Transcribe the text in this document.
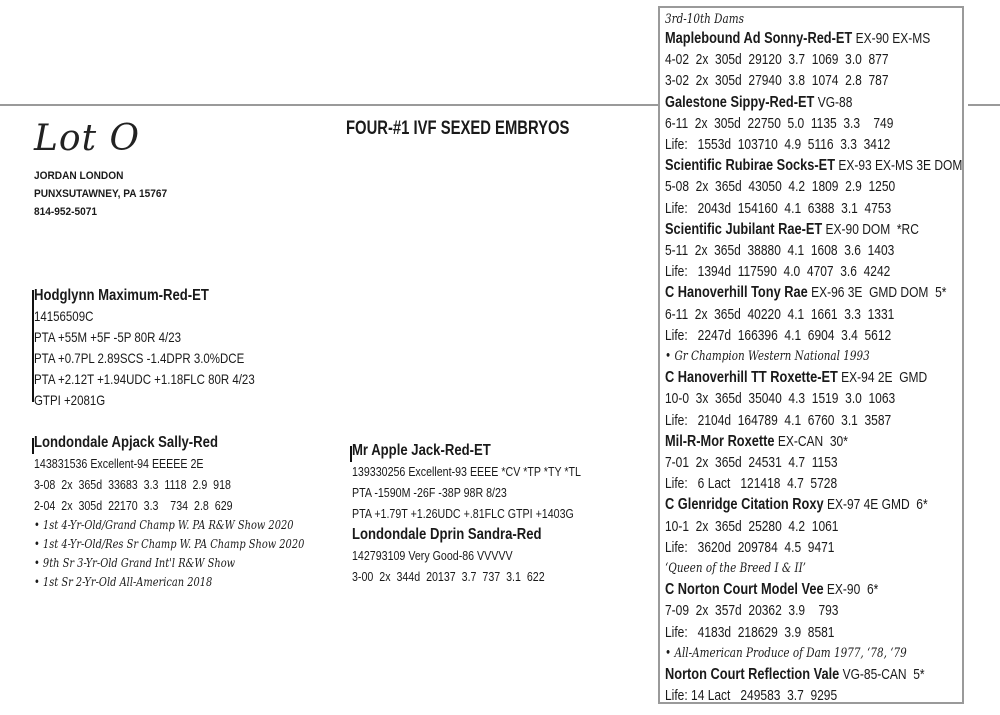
Lot O
JORDAN LONDON
PUNXSUTAWNEY, PA 15767
814-952-5071
FOUR-#1 IVF SEXED EMBRYOS
Hodglynn Maximum-Red-ET
14156509C
PTA +55M +5F -5P 80R 4/23
PTA +0.7PL 2.89SCS -1.4DPR 3.0%DCE
PTA +2.12T +1.94UDC +1.18FLC 80R 4/23
GTPI +2081G
Londondale Apjack Sally-Red
143831536 Excellent-94 EEEEE 2E
3-08  2x  365d  33683  3.3  1118  2.9  918
2-04  2x  305d  22170  3.3    734  2.8  629
• 1st 4-Yr-Old/Grand Champ W. PA R&W Show 2020
• 1st 4-Yr-Old/Res Sr Champ W. PA Champ Show 2020
• 9th Sr 3-Yr-Old Grand Int'l R&W Show
• 1st Sr 2-Yr-Old All-American 2018
Mr Apple Jack-Red-ET
139330256 Excellent-93 EEEE *CV *TP *TY *TL
PTA -1590M -26F -38P 98R 8/23
PTA +1.79T +1.26UDC +.81FLC GTPI +1403G
Londondale Dprin Sandra-Red
142793109 Very Good-86 VVVVV
3-00  2x  344d  20137  3.7  737  3.1  622
3rd-10th Dams
Maplebound Ad Sonny-Red-ET EX-90 EX-MS
4-02  2x  305d  29120  3.7  1069  3.0  877
3-02  2x  305d  27940  3.8  1074  2.8  787
Galestone Sippy-Red-ET VG-88
6-11  2x  305d  22750  5.0  1135  3.3    749
Life:   1553d  103710  4.9  5116  3.3  3412
Scientific Rubirae Socks-ET EX-93 EX-MS 3E DOM
5-08  2x  365d  43050  4.2  1809  2.9  1250
Life:   2043d  154160  4.1  6388  3.1  4753
Scientific Jubilant Rae-ET EX-90 DOM  *RC
5-11  2x  365d  38880  4.1  1608  3.6  1403
Life:   1394d  117590  4.0  4707  3.6  4242
C Hanoverhill Tony Rae EX-96 3E  GMD DOM  5*
6-11  2x  365d  40220  4.1  1661  3.3  1331
Life:   2247d  166396  4.1  6904  3.4  5612
• Gr Champion Western National 1993
C Hanoverhill TT Roxette-ET EX-94 2E  GMD
10-0  3x  365d  35040  4.3  1519  3.0  1063
Life:   2104d  164789  4.1  6760  3.1  3587
Mil-R-Mor Roxette EX-CAN  30*
7-01  2x  365d  24531  4.7  1153
Life:   6 Lact   121418  4.7  5728
C Glenridge Citation Roxy EX-97 4E GMD  6*
10-1  2x  365d  25280  4.2  1061
Life:   3620d  209784  4.5  9471
‘Queen of the Breed I & II’
C Norton Court Model Vee EX-90  6*
7-09  2x  357d  20362  3.9    793
Life:   4183d  218629  3.9  8581
• All-American Produce of Dam 1977, ‘78, ‘79
Norton Court Reflection Vale VG-85-CAN  5*
Life: 14 Lact   249583  3.7  9295
